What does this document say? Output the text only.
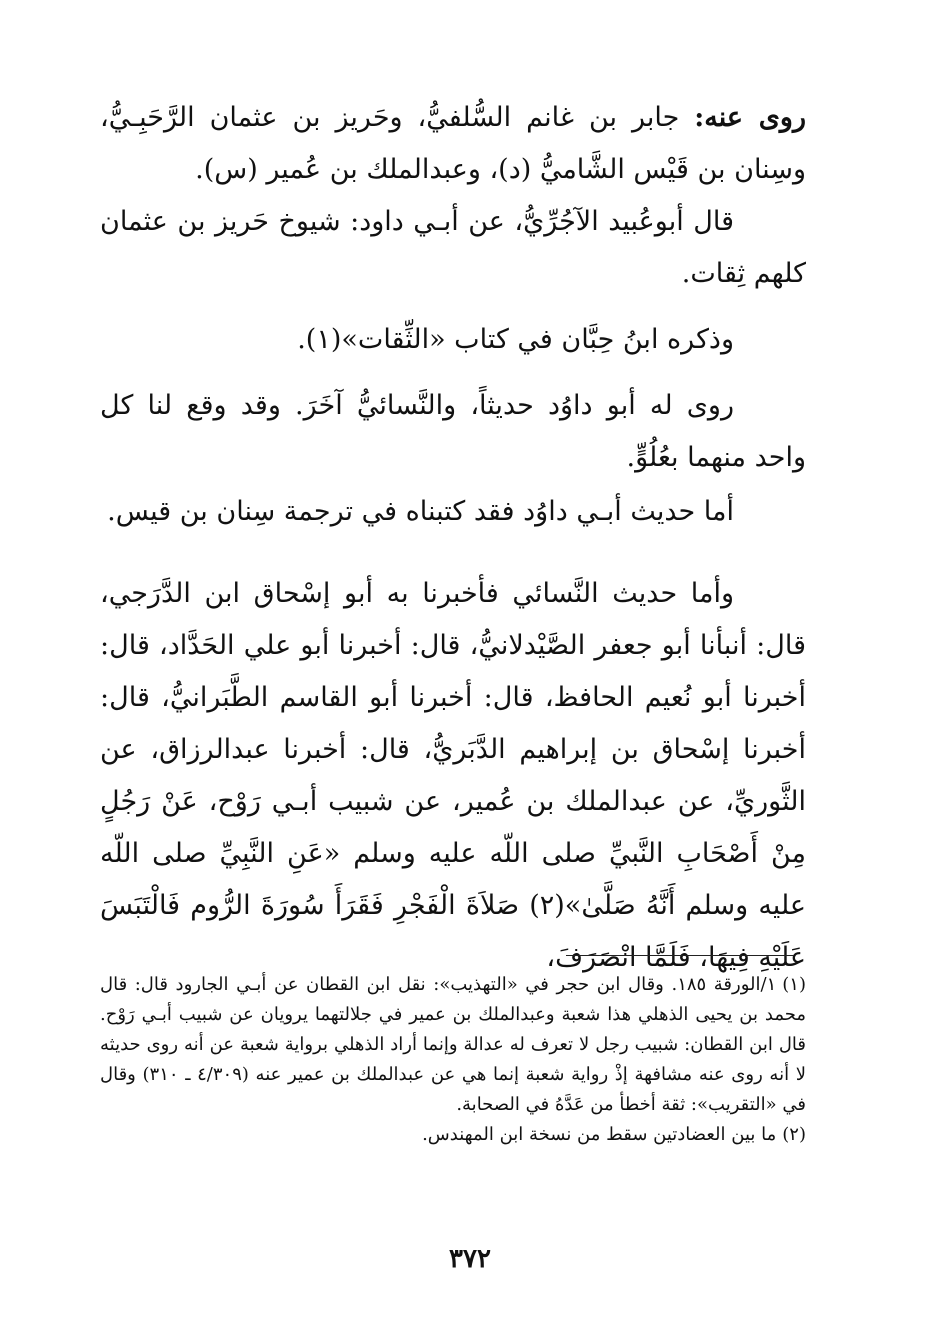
روى عنه: جابر بن غانم السُّلفيُّ، وحَريز بن عثمان الرَّحَبِـيُّ، وسِنان بن قَيْس الشَّاميُّ (د)، وعبدالملك بن عُمير (س).

قال أبوعُبيد الآجُرِّيُّ، عن أبـي داود: شيوخ حَريز بن عثمان كلهم ثِقات.

وذكره ابنُ حِبَّان في كتاب «الثِّقات»(١).

روى له أبو داوُد حديثاً، والنَّسائيُّ آخَرَ. وقد وقع لنا كل واحد منهما بعُلُوٍّ.

أما حديث أبـي داوُد فقد كتبناه في ترجمة سِنان بن قيس.

وأما حديث النَّسائي فأخبرنا به أبو إسْحاق ابن الدَّرَجي، قال: أنبأنا أبو جعفر الصَّيْدلانيُّ، قال: أخبرنا أبو علي الحَدَّاد، قال: أخبرنا أبو نُعيم الحافظ، قال: أخبرنا أبو القاسم الطَّبَرانيُّ، قال: أخبرنا إسْحاق بن إبراهيم الدَّبَريُّ، قال: أخبرنا عبدالرزاق، عن الثَّوريِّ، عن عبدالملك بن عُمير، عن شبيب أبـي رَوْح، عَنْ رَجُلٍ مِنْ أَصْحَابِ النَّبيِّ صلى اللّه عليه وسلم «عَنِ النَّبِيِّ صلى اللّه عليه وسلم أَنَّهُ صَلَّىٰ»(٢) صَلاَةَ الْفَجْرِ فَقَرَأَ سُورَةَ الرُّوم فَالْتَبَسَ عَلَيْهِ فِيهَا، فَلَمَّا انْصَرَفَ،

(١)١/الورقة ١٨٥. وقال ابن حجر في «التهذيب»: نقل ابن القطان عن أبـي الجارود قال: قال محمد بن يحيى الذهلي هذا شعبة وعبدالملك بن عمير في جلالتهما يرويان عن شبيب أبـي رَوْح. قال ابن القطان: شبيب رجل لا تعرف له عدالة وإنما أراد الذهلي برواية شعبة عن أنه روى حديثه لا أنه روى عنه مشافهة إذْ رواية شعبة إنما هي عن عبدالملك بن عمير عنه (٤/٣٠٩ ـ ٣١٠) وقال في «التقريب»: ثقة أخطأ من عَدَّهُ في الصحابة.
(٢)ما بين العضادتين سقط من نسخة ابن المهندس.
٣٧٢
